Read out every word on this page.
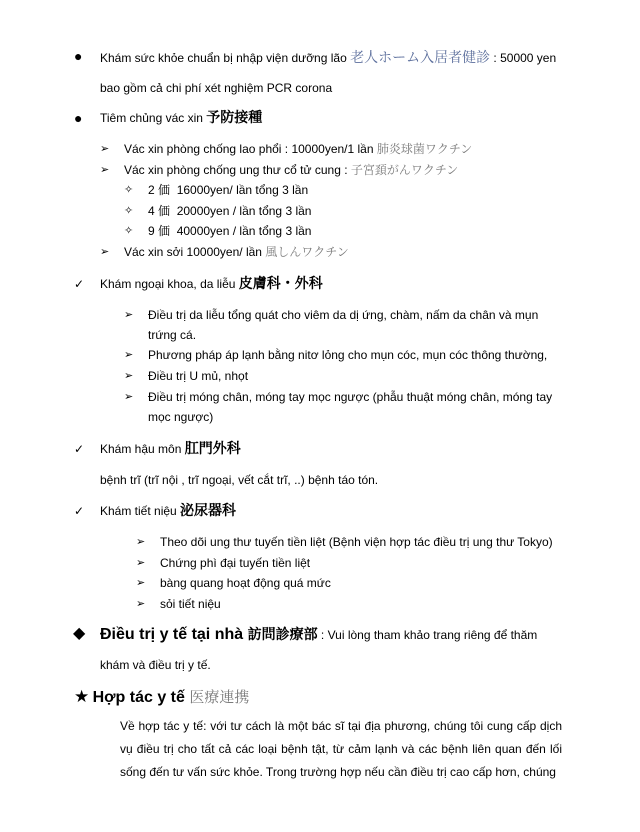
● Khám sức khỏe chuẩn bị nhập viện dưỡng lão 老人ホーム入居者健診 : 50000 yen
bao gồm cả chi phí xét nghiệm PCR corona
● Tiêm chủng vác xin 予防接種
➢ Vác xin phòng chống lao phổi : 10000yen/1 lần 肺炎球菌ワクチン
➢ Vác xin phòng chống ung thư cổ tử cung : 子宮頚がんワクチン
✧ 2 価 16000yen/ lần tổng 3 lần
✧ 4 価 20000yen / lần tổng 3 lần
✧ 9 価 40000yen / lần tổng 3 lần
➢ Vác xin sởi 10000yen/ lần 風しんワクチン
✓ Khám ngoại khoa, da liễu 皮膚科・外科
➢ Điều trị da liễu tổng quát cho viêm da dị ứng, chàm, nấm da chân và mụn
trứng cá.
➢ Phương pháp áp lạnh bằng nitơ lỏng cho mụn cóc, mụn cóc thông thường,
➢ Điều trị U mủ, nhọt
➢ Điều trị móng chân, móng tay mọc ngược (phẫu thuật móng chân, móng tay
mọc ngược)
✓ Khám hậu môn 肛門外科
bệnh trĩ (trĩ nội , trĩ ngoại, vết cắt trĩ, ..) bệnh táo tón.
✓ Khám tiết niệu 泌尿器科
➢ Theo dõi ung thư tuyến tiền liệt (Bệnh viện hợp tác điều trị ung thư Tokyo)
➢ Chứng phì đại tuyến tiền liệt
➢ bàng quang hoạt động quá mức
➢ sỏi tiết niệu
◆ Điều trị y tế tại nhà 訪問診療部 : Vui lòng tham khảo trang riêng để thăm
khám và điều trị y tế.
★ Hợp tác y tế 医療連携
Về hợp tác y tế: với tư cách là một bác sĩ tại địa phương, chúng tôi cung cấp dịch vụ điều trị cho tất cả các loại bệnh tật, từ cảm lạnh và các bệnh liên quan đến lối sống đến tư vấn sức khỏe. Trong trường hợp nếu cần điều trị cao cấp hơn, chúng
